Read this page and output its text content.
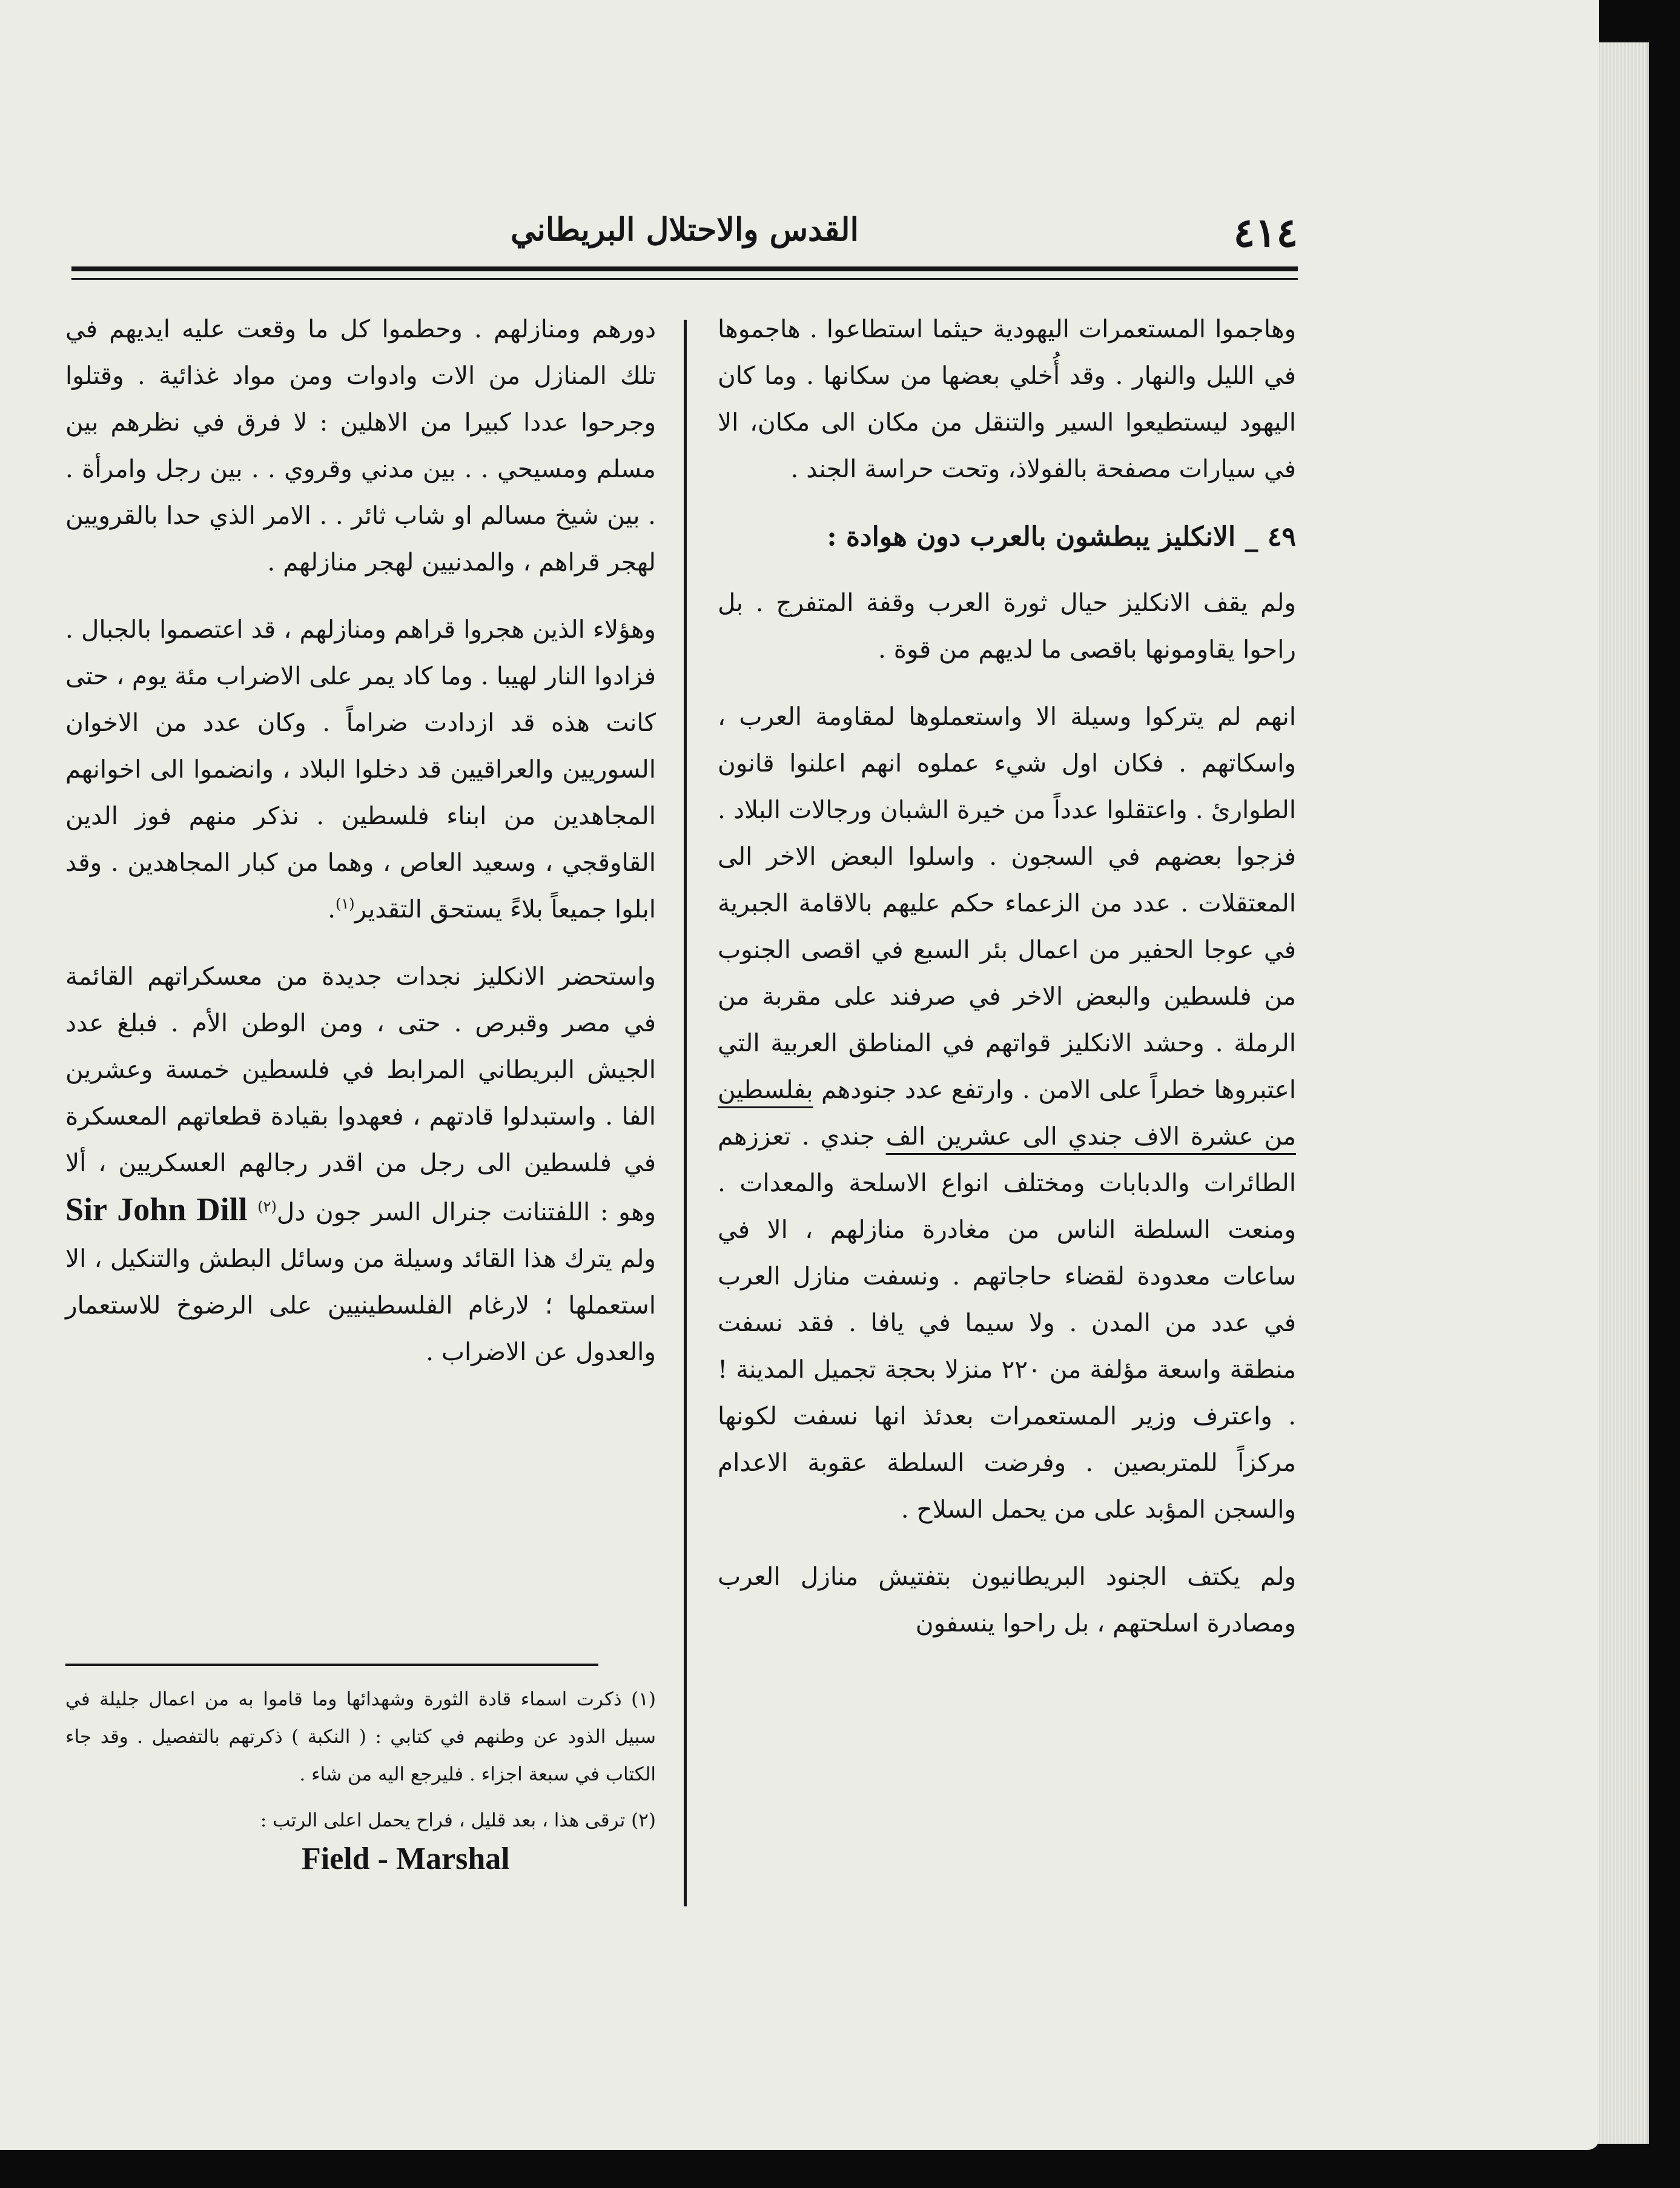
٤١٤
القدس والاحتلال البريطاني

وهاجموا المستعمرات اليهودية حيثما استطاعوا . هاجموها في الليل والنهار . وقد أُخلي بعضها من سكانها . وما كان اليهود ليستطيعوا السير والتنقل من مكان الى مكان، الا في سيارات مصفحة بالفولاذ، وتحت حراسة الجند .

٤٩ _ الانكليز يبطشون بالعرب دون هوادة :

ولم يقف الانكليز حيال ثورة العرب وقفة المتفرج . بل راحوا يقاومونها باقصى ما لديهم من قوة .

انهم لم يتركوا وسيلة الا واستعملوها لمقاومة العرب ، واسكاتهم . فكان اول شيء عملوه انهم اعلنوا قانون الطوارئ . واعتقلوا عدداً من خيرة الشبان ورجالات البلاد . فزجوا بعضهم في السجون . واسلوا البعض الاخر الى المعتقلات . عدد من الزعماء حكم عليهم بالاقامة الجبرية في عوجا الحفير من اعمال بئر السبع في اقصى الجنوب من فلسطين والبعض الاخر في صرفند على مقربة من الرملة . وحشد الانكليز قواتهم في المناطق العربية التي اعتبروها خطراً على الامن . وارتفع عدد جنودهم بفلسطين من عشرة الاف جندي الى عشرين الف جندي . تعززهم الطائرات والدبابات ومختلف انواع الاسلحة والمعدات . ومنعت السلطة الناس من مغادرة منازلهم ، الا في ساعات معدودة لقضاء حاجاتهم . ونسفت منازل العرب في عدد من المدن . ولا سيما في يافا . فقد نسفت منطقة واسعة مؤلفة من ٢٢٠ منزلا بحجة تجميل المدينة ! . واعترف وزير المستعمرات بعدئذ انها نسفت لكونها مركزاً للمتربصين . وفرضت السلطة عقوبة الاعدام والسجن المؤبد على من يحمل السلاح .

ولم يكتف الجنود البريطانيون بتفتيش منازل العرب ومصادرة اسلحتهم ، بل راحوا ينسفون

دورهم ومنازلهم . وحطموا كل ما وقعت عليه ايديهم في تلك المنازل من الات وادوات ومن مواد غذائية . وقتلوا وجرحوا عددا كبيرا من الاهلين : لا فرق في نظرهم بين مسلم ومسيحي . . بين مدني وقروي . . بين رجل وامرأة . . بين شيخ مسالم او شاب ثائر . . الامر الذي حدا بالقرويين لهجر قراهم ، والمدنيين لهجر منازلهم .

وهؤلاء الذين هجروا قراهم ومنازلهم ، قد اعتصموا بالجبال . فزادوا النار لهيبا . وما كاد يمر على الاضراب مئة يوم ، حتى كانت هذه قد ازدادت ضراماً . وكان عدد من الاخوان السوريين والعراقيين قد دخلوا البلاد ، وانضموا الى اخوانهم المجاهدين من ابناء فلسطين . نذكر منهم فوز الدين القاوقجي ، وسعيد العاص ، وهما من كبار المجاهدين . وقد ابلوا جميعاً بلاءً يستحق التقدير$^{(١)}$.

واستحضر الانكليز نجدات جديدة من معسكراتهم القائمة في مصر وقبرص . حتى ، ومن الوطن الأم . فبلغ عدد الجيش البريطاني المرابط في فلسطين خمسة وعشرين الفا . واستبدلوا قادتهم ، فعهدوا بقيادة قطعاتهم المعسكرة في فلسطين الى رجل من اقدر رجالهم العسكريين ، ألا وهو : اللفتنانت جنرال السر جون دل$^{(٢)}$ Sir John Dill ولم يترك هذا القائد وسيلة من وسائل البطش والتنكيل ، الا استعملها ؛ لارغام الفلسطينيين على الرضوخ للاستعمار والعدول عن الاضراب .

(١) ذكرت اسماء قادة الثورة وشهدائها وما قاموا به من اعمال جليلة في سبيل الذود عن وطنهم في كتابي : ( النكبة ) ذكرتهم بالتفصيل . وقد جاء الكتاب في سبعة اجزاء . فليرجع اليه من شاء .
(٢) ترقى هذا ، بعد قليل ، فراح يحمل اعلى الرتب :
Field - Marshal
